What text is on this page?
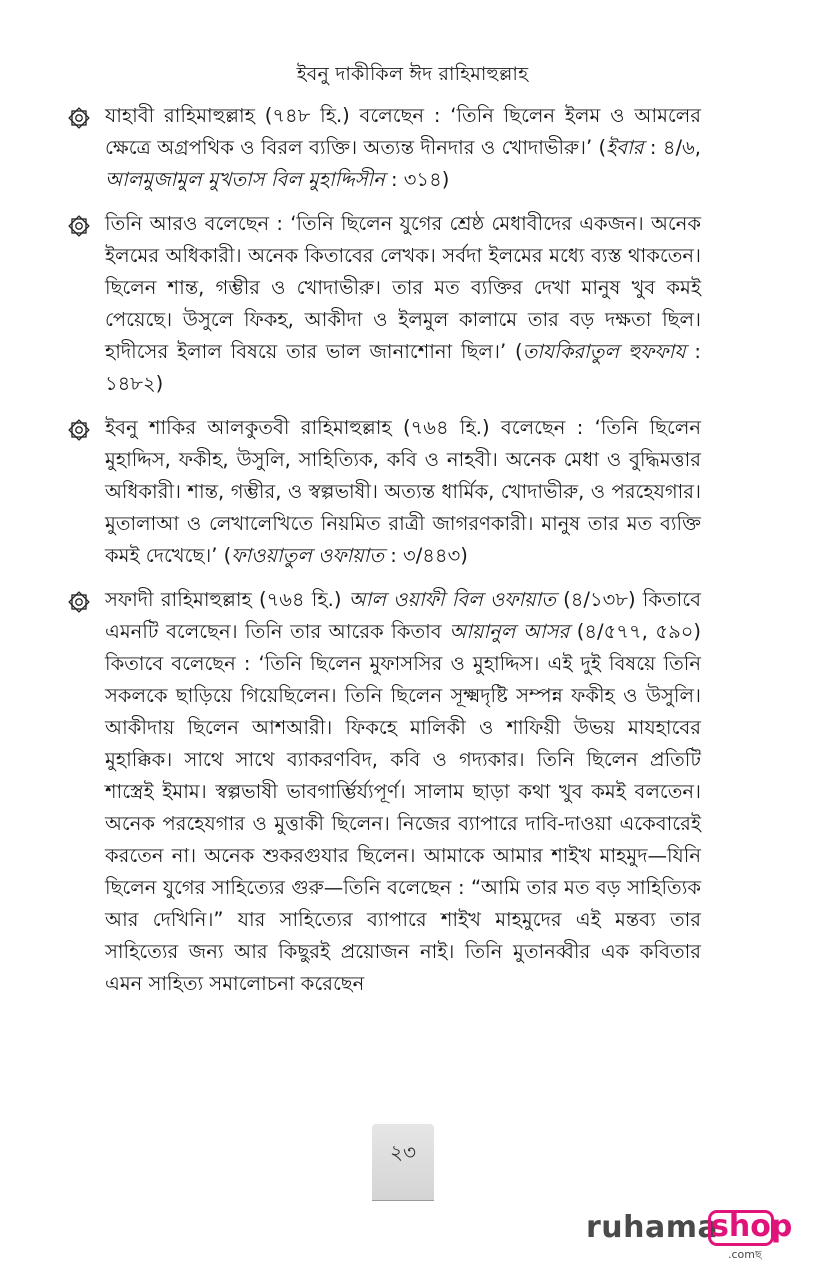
ইবনু দাকীকিল ঈদ রাহিমাহুল্লাহ

যাহাবী রাহিমাহুল্লাহ (৭৪৮ হি.) বলেছেন : ‘তিনি ছিলেন ইলম ও আমলের ক্ষেত্রে অগ্রপথিক ও বিরল ব্যক্তি। অত্যন্ত দীনদার ও খোদাভীরু।’ (ইবার : ৪/৬, আলমুজামুল মুখতাস বিল মুহাদ্দিসীন : ৩১৪)

তিনি আরও বলেছেন : ‘তিনি ছিলেন যুগের শ্রেষ্ঠ মেধাবীদের একজন। অনেক ইলমের অধিকারী। অনেক কিতাবের লেখক। সর্বদা ইলমের মধ্যে ব্যস্ত থাকতেন। ছিলেন শান্ত, গম্ভীর ও খোদাভীরু। তার মত ব্যক্তির দেখা মানুষ খুব কমই পেয়েছে। উসুলে ফিকহ, আকীদা ও ইলমুল কালামে তার বড় দক্ষতা ছিল। হাদীসের ইলাল বিষয়ে তার ভাল জানাশোনা ছিল।’ (তাযকিরাতুল হুফফায : ১৪৮২)

ইবনু শাকির আলকুতবী রাহিমাহুল্লাহ (৭৬৪ হি.) বলেছেন : ‘তিনি ছিলেন মুহাদ্দিস, ফকীহ, উসুলি, সাহিত্যিক, কবি ও নাহবী। অনেক মেধা ও বুদ্ধিমত্তার অধিকারী। শান্ত, গম্ভীর, ও স্বল্পভাষী। অত্যন্ত ধার্মিক, খোদাভীরু, ও পরহেযগার। মুতালাআ ও লেখালেখিতে নিয়মিত রাত্রী জাগরণকারী। মানুষ তার মত ব্যক্তি কমই দেখেছে।’ (ফাওয়াতুল ওফায়াত : ৩/৪৪৩)

সফাদী রাহিমাহুল্লাহ (৭৬৪ হি.) আল ওয়াফী বিল ওফায়াত (৪/১৩৮) কিতাবে এমনটি বলেছেন। তিনি তার আরেক কিতাব আয়ানুল আসর (৪/৫৭৭, ৫৯০) কিতাবে বলেছেন : ‘তিনি ছিলেন মুফাসসির ও মুহাদ্দিস। এই দুই বিষয়ে তিনি সকলকে ছাড়িয়ে গিয়েছিলেন। তিনি ছিলেন সূক্ষ্মদৃষ্টি সম্পন্ন ফকীহ ও উসুলি। আকীদায় ছিলেন আশআরী। ফিকহে মালিকী ও শাফিয়ী উভয় মাযহাবের মুহাক্কিক। সাথে সাথে ব্যাকরণবিদ, কবি ও গদ্যকার। তিনি ছিলেন প্রতিটি শাস্ত্রেই ইমাম। স্বল্পভাষী ভাবগার্ম্ভির্য্যপূর্ণ। সালাম ছাড়া কথা খুব কমই বলতেন। অনেক পরহেযগার ও মুত্তাকী ছিলেন। নিজের ব্যাপারে দাবি-দাওয়া একেবারেই করতেন না। অনেক শুকরগুযার ছিলেন। আমাকে আমার শাইখ মাহমুদ—যিনি ছিলেন যুগের সাহিত্যের গুরু—তিনি বলেছেন : “আমি তার মত বড় সাহিত্যিক আর দেখিনি।” যার সাহিত্যের ব্যাপারে শাইখ মাহমুদের এই মন্তব্য তার সাহিত্যের জন্য আর কিছুরই প্রয়োজন নাই। তিনি মুতানব্বীর এক কবিতার এমন সাহিত্য সমালোচনা করেছেন

২৩
ruhama
shop
.comছ
